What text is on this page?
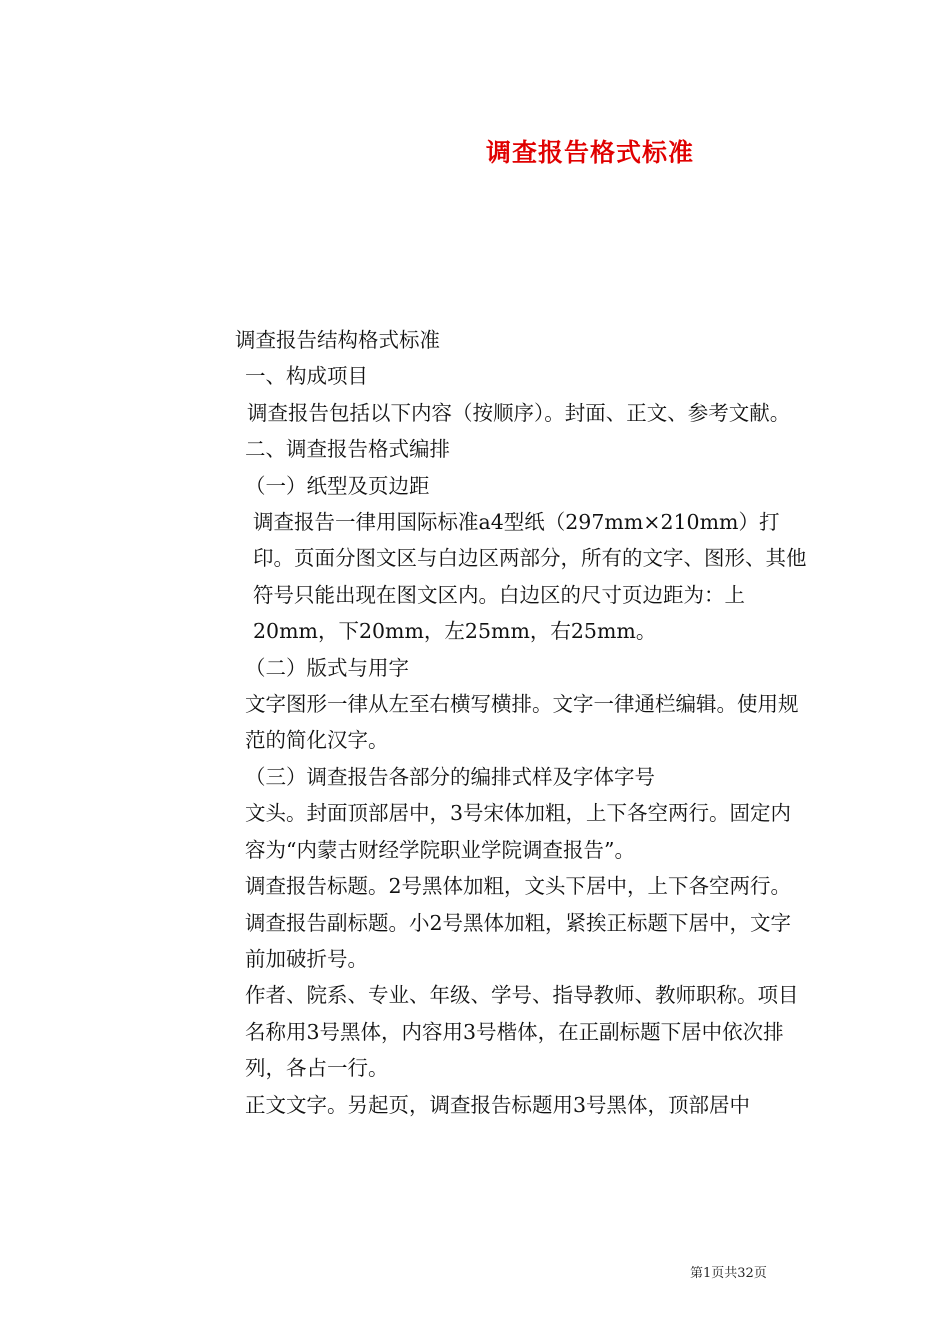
调查报告格式标准

调查报告结构格式标准

一、构成项目

调查报告包括以下内容（按顺序）。封面、正文、参考文献。

二、调查报告格式编排

（一）纸型及页边距

调查报告一律用国际标准a4型纸（297mm×210mm）打印。页面分图文区与白边区两部分，所有的文字、图形、其他符号只能出现在图文区内。白边区的尺寸页边距为：上20mm，下20mm，左25mm，右25mm。

（二）版式与用字

文字图形一律从左至右横写横排。文字一律通栏编辑。使用规范的简化汉字。

（三）调查报告各部分的编排式样及字体字号

文头。封面顶部居中，3号宋体加粗，上下各空两行。固定内容为“内蒙古财经学院职业学院调查报告”。

调查报告标题。2号黑体加粗，文头下居中，上下各空两行。

调查报告副标题。小2号黑体加粗，紧挨正标题下居中，文字前加破折号。

作者、院系、专业、年级、学号、指导教师、教师职称。项目名称用3号黑体，内容用3号楷体，在正副标题下居中依次排列，各占一行。

正文文字。另起页，调查报告标题用3号黑体，顶部居中

第1页共32页
